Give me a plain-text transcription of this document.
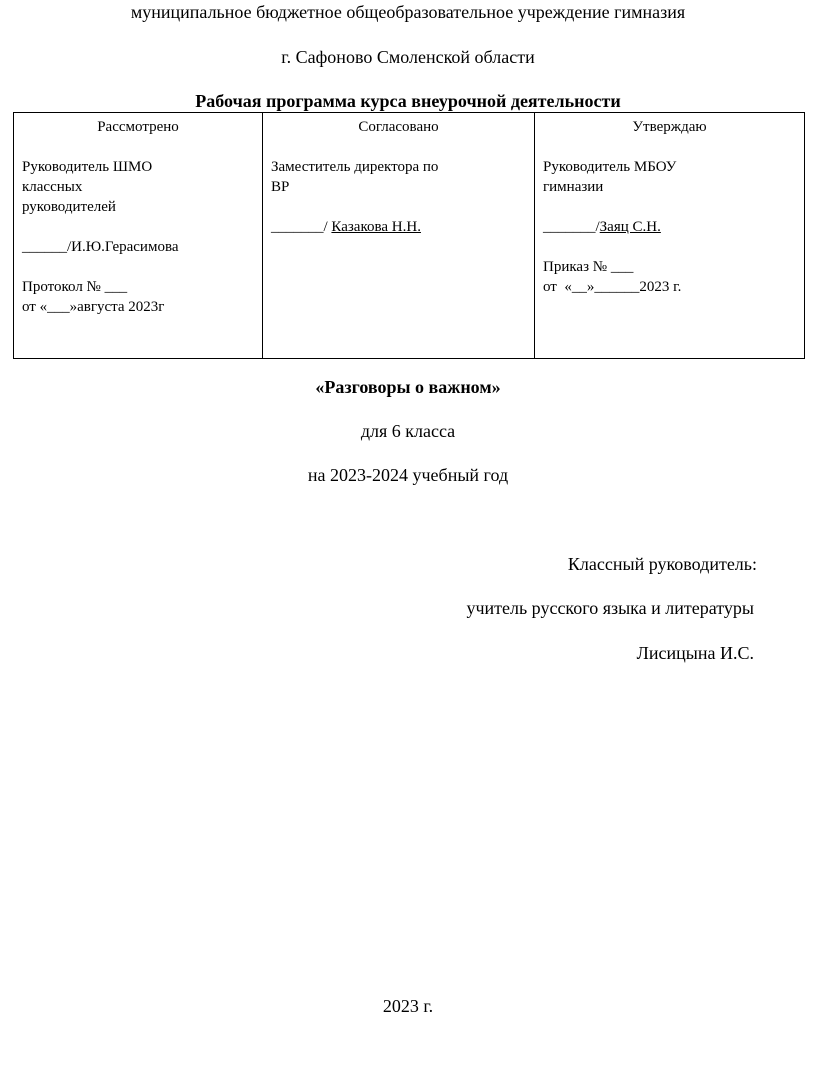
муниципальное бюджетное общеобразовательное учреждение гимназия
г. Сафоново Смоленской области
Рабочая программа курса внеурочной деятельности
Рассмотрено
Руководитель ШМО
классных
руководителей
______/И.Ю.Герасимова
Протокол № ___
от «___»августа 2023г

Согласовано
Заместитель директора по
ВР
_______/ Казакова Н.Н.

Утверждаю
Руководитель МБОУ
гимназии
_______/Заяц С.Н.
Приказ № ___
от  «__»______2023 г.
«Разговоры о важном»
для 6 класса
на 2023-2024 учебный год
Классный руководитель:
учитель русского языка и литературы
Лисицына И.С.
2023 г.
